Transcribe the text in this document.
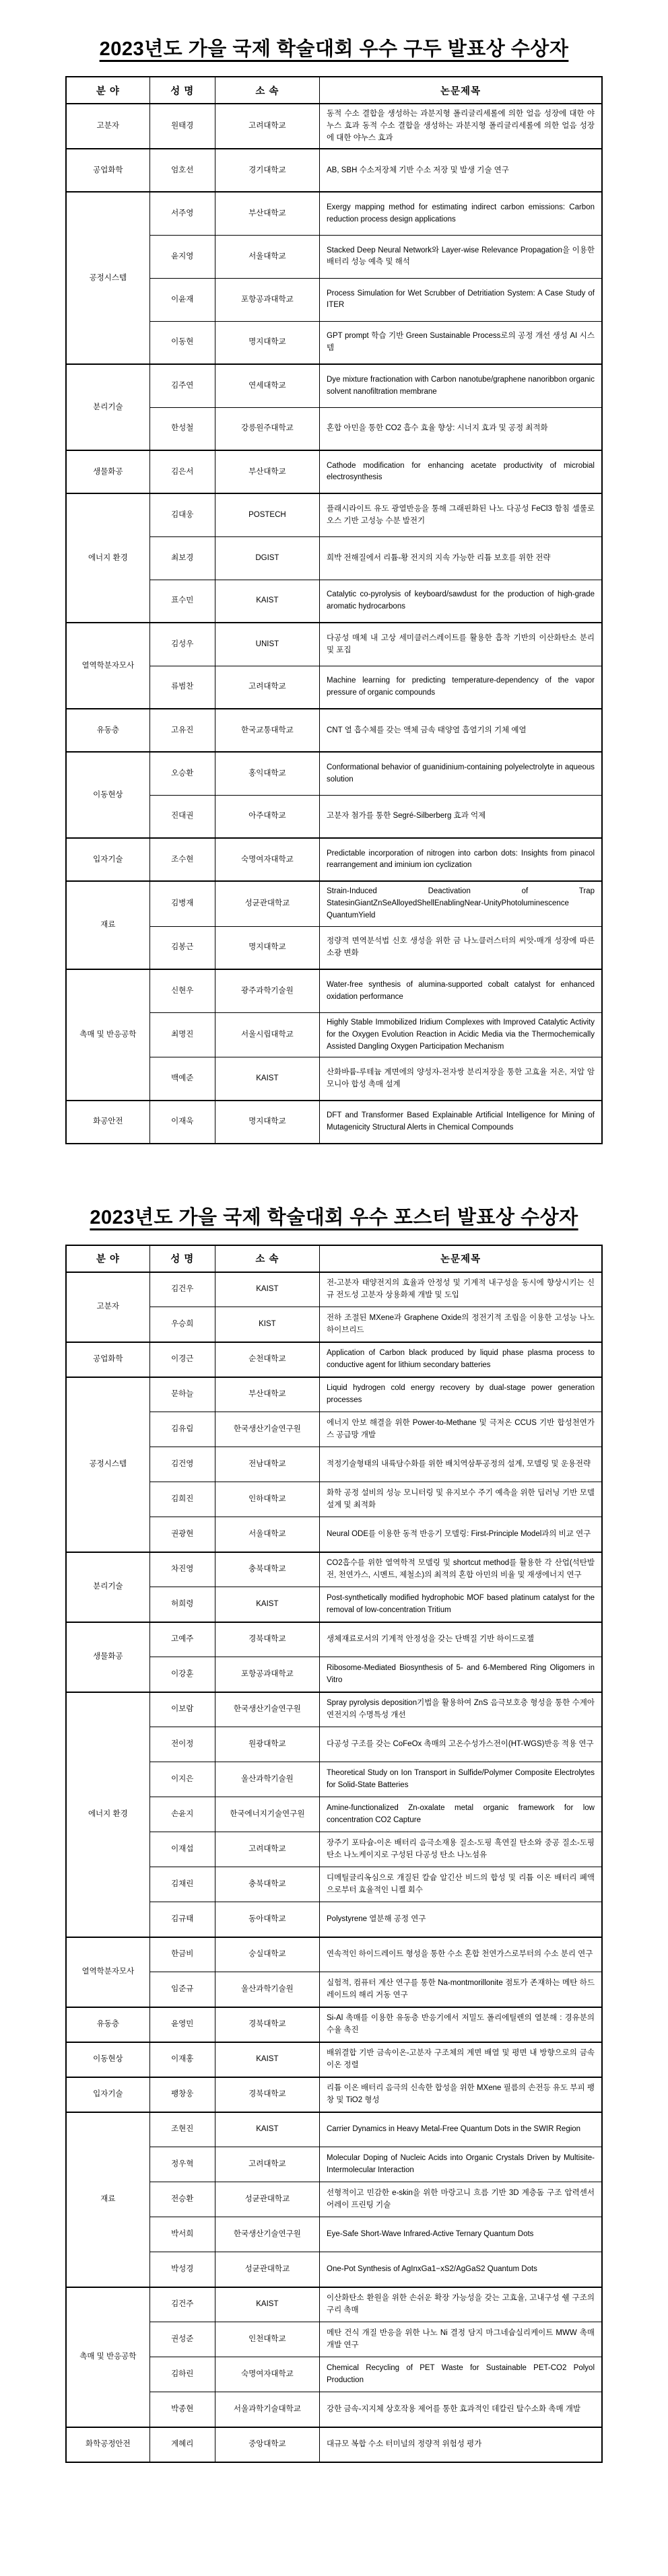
2023년도 가을 국제 학술대회 우수 구두 발표상 수상자
분 야	성 명	소 속	논문제목
고분자	원태경	고려대학교	동적 수소 결합을 생성하는 과분지형 폴리글리세롤에 의한 얼음 성장에 대한 야누스 효과 동적 수소 결합을 생성하는 과분지형 폴리글리세롤에 의한 얼음 성장에 대한 야누스 효과
공업화학	엄호선	경기대학교	AB, SBH 수소저장체 기반 수소 저장 및 발생 기술 연구
공정시스템	서주영	부산대학교	Exergy mapping method for estimating indirect carbon emissions: Carbon reduction process design applications
	윤지영	서울대학교	Stacked Deep Neural Network와 Layer-wise Relevance Propagation을 이용한 배터리 성능 예측 및 해석
	이윤재	포항공과대학교	Process Simulation for Wet Scrubber of Detritiation System: A Case Study of ITER
	이동현	명지대학교	GPT prompt 학습 기반 Green Sustainable Process로의 공정 개선 생성 AI 시스템
분리기술	김주연	연세대학교	Dye mixture fractionation with Carbon nanotube/graphene nanoribbon organic solvent nanofiltration membrane
	한성철	강릉원주대학교	혼합 아민을 통한 CO2 흡수 효율 향상: 시너지 효과 및 공정 최적화
생물화공	김은서	부산대학교	Cathode modification for enhancing acetate productivity of microbial electrosynthesis
에너지 환경	김대웅	POSTECH	플래시라이트 유도 광열반응을 통해 그래핀화된 나노 다공성 FeCl3 함침 셀룰로오스 기반 고성능 수분 발전기
	최보경	DGIST	희박 전해질에서 리튬-황 전지의 지속 가능한 리튬 보호를 위한 전략
	표수민	KAIST	Catalytic co-pyrolysis of keyboard/sawdust for the production of high-grade aromatic hydrocarbons
열역학분자모사	김성우	UNIST	다공성 매체 내 고상 세미클러스레이트를 활용한 흡착 기반의 이산화탄소 분리 및 포집
	류범찬	고려대학교	Machine learning for predicting temperature-dependency of the vapor pressure of organic compounds
유동층	고유진	한국교통대학교	CNT 열 흡수체를 갖는 액체 금속 태양열 흡열기의 기체 예열
이동현상	오승환	홍익대학교	Conformational behavior of guanidinium-containing polyelectrolyte in aqueous solution
	진대권	아주대학교	고분자 첨가를 통한 Segré-Silberberg 효과 억제
입자기술	조수현	숙명여자대학교	Predictable incorporation of nitrogen into carbon dots: Insights from pinacol rearrangement and iminium ion cyclization
재료	김병재	성균관대학교	Strain-Induced Deactivation of Trap StatesinGiantZnSeAlloyedShellEnablingNear-UnityPhotoluminescence QuantumYield
	김봉근	명지대학교	정량적 면역분석법 신호 생성을 위한 금 나노클러스터의 씨앗-매개 성장에 따른 소광 변화
촉매 및 반응공학	신현우	광주과학기술원	Water-free synthesis of alumina-supported cobalt catalyst for enhanced oxidation performance
	최명진	서울시립대학교	Highly Stable Immobilized Iridium Complexes with Improved Catalytic Activity for the Oxygen Evolution Reaction in Acidic Media via the Thermochemically Assisted Dangling Oxygen Participation Mechanism
	백예준	KAIST	산화바륨-루테늄 계면에의 양성자-전자쌍 분리저장을 통한 고효율 저온, 저압 암모니아 합성 촉매 설계
화공안전	이재욱	명지대학교	DFT and Transformer Based Explainable Artificial Intelligence for Mining of Mutagenicity Structural Alerts in Chemical Compounds
2023년도 가을 국제 학술대회 우수 포스터 발표상 수상자
분 야	성 명	소 속	논문제목
고분자	김건우	KAIST	전-고분자 태양전지의 효율과 안정성 및 기계적 내구성을 동시에 향상시키는 신규 전도성 고분자 상용화제 개발 및 도입
	우승희	KIST	전하 조절된 MXene과 Graphene Oxide의 정전기적 조립을 이용한 고성능 나노 하이브리드
공업화학	이경근	순천대학교	Application of Carbon black produced by liquid phase plasma process to conductive agent for lithium secondary batteries
공정시스템	문하늘	부산대학교	Liquid hydrogen cold energy recovery by dual-stage power generation processes
	김유림	한국생산기술연구원	에너지 안보 해결을 위한 Power-to-Methane 및 극저온 CCUS 기반 합성천연가스 공급망 개발
	김건영	전남대학교	적정기술형태의 내륙담수화를 위한 배치역삼투공정의 설계, 모델링 및 운용전략
	김희진	인하대학교	화학 공정 설비의 성능 모니터링 및 유지보수 주기 예측을 위한 딥러닝 기반 모델 설계 및 최적화
	권광현	서울대학교	Neural ODE를 이용한 동적 반응기 모델링: First-Principle Model과의 비교 연구
분리기술	차진영	충북대학교	CO2흡수를 위한 열역학적 모델링 및 shortcut method를 활용한 각 산업(석탄발전, 천연가스, 시멘트, 제철소)의 최적의 혼합 아민의 비율 및 재생에너지 연구
	허희령	KAIST	Post-synthetically modified hydrophobic MOF based platinum catalyst for the removal of low-concentration Tritium
생물화공	고예주	경북대학교	생체재료로서의 기계적 안정성을 갖는 단백질 기반 하이드로젤
	이강훈	포항공과대학교	Ribosome-Mediated Biosynthesis of 5- and 6-Membered Ring Oligomers in Vitro
에너지 환경	이보람	한국생산기술연구원	Spray pyrolysis deposition기법을 활용하여 ZnS 음극보호층 형성을 통한 수계아연전지의 수명특성 개선
	전이정	원광대학교	다공성 구조를 갖는 CoFeOx 촉매의 고온수성가스전이(HT-WGS)반응 적용 연구
	이지은	울산과학기술원	Theoretical Study on Ion Transport in Sulfide/Polymer Composite Electrolytes for Solid-State Batteries
	손윤지	한국에너지기술연구원	Amine-functionalized Zn-oxalate metal organic framework for low concentration CO2 Capture
	이재섭	고려대학교	장주기 포타슘-이온 배터리 음극소재용 질소-도핑 흑연질 탄소와 중공 질소-도핑 탄소 나노케이지로 구성된 다공성 탄소 나노섬유
	김채린	충북대학교	디메틸글리옥심으로 개질된 칼슘 알긴산 비드의 합성 및 리튬 이온 배터리 폐액으로부터 효율적인 니켈 회수
	김규태	동아대학교	Polystyrene 열분해 공정 연구
열역학분자모사	한금비	숭실대학교	연속적인 하이드레이트 형성을 통한 수소 혼합 천연가스로부터의 수소 분리 연구
	임준규	울산과학기술원	실험적, 컴퓨터 계산 연구를 통한 Na-montmorillonite 점토가 존재하는 메탄 하드레이트의 해리 거동 연구
유동층	윤영민	경북대학교	Si-Al 촉매를 이용한 유동층 반응기에서 저밀도 폴리에틸렌의 열분해 : 경유분의 수율 촉진
이동현상	이재홍	KAIST	배위결합 기반 금속이온-고분자 구조체의 계면 배열 및 평면 내 방향으로의 금속이온 정렬
입자기술	팽창웅	경북대학교	리튬 이온 배터리 음극의 신속한 합성을 위한 MXene 필름의 손전등 유도 부피 팽창 및 TiO2 형성
재료	조현진	KAIST	Carrier Dynamics in Heavy Metal-Free Quantum Dots in the SWIR Region
	정우혁	고려대학교	Molecular Doping of Nucleic Acids into Organic Crystals Driven by Multisite-Intermolecular Interaction
	전승환	성균관대학교	선형적이고 민감한 e-skin을 위한 마랑고니 흐름 기반 3D 계층돔 구조 압력센서 어레이 프린팅 기술
	박서희	한국생산기술연구원	Eye-Safe Short-Wave Infrared-Active Ternary Quantum Dots
	박성경	성균관대학교	One-Pot Synthesis of AgInxGa1−xS2/AgGaS2 Quantum Dots
촉매 및 반응공학	김건주	KAIST	이산화탄소 환원을 위한 손쉬운 확장 가능성을 갖는 고효율, 고내구성 쉘 구조의 구리 촉매
	권성준	인천대학교	메탄 건식 개질 반응을 위한 나노 Ni 결정 담지 마그네슘실리케이트 MWW 촉매 개발 연구
	김하린	숙명여자대학교	Chemical Recycling of PET Waste for Sustainable PET-CO2 Polyol Production
	박종현	서울과학기술대학교	강한 금속-지지체 상호작용 제어를 통한 효과적인 데칼린 탈수소화 촉매 개발
화학공정안전	계혜리	중앙대학교	대규모 복합 수소 터미널의 정량적 위험성 평가
